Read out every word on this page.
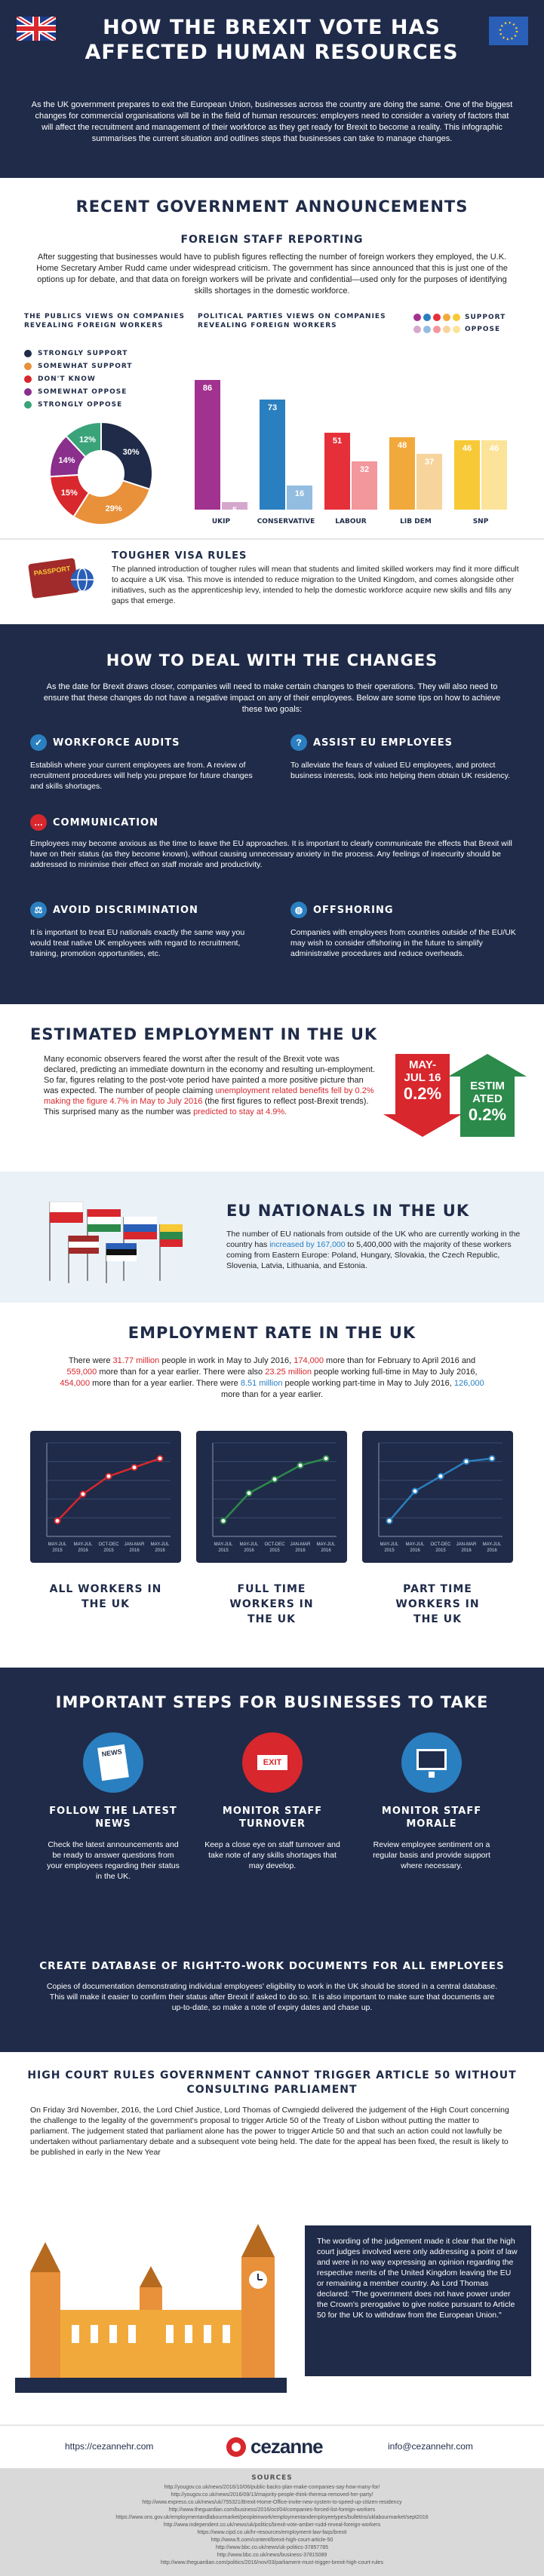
HOW THE BREXIT VOTE HAS
AFFECTED HUMAN RESOURCES

As the UK government prepares to exit the European Union, businesses across the country are doing the same. One of the biggest changes for commercial organisations will be in the field of human resources: employers need to consider a variety of factors that will affect the recruitment and management of their workforce as they get ready for Brexit to become a reality. This infographic summarises the current situation and outlines steps that businesses can take to manage changes.

RECENT GOVERNMENT ANNOUNCEMENTS
FOREIGN STAFF REPORTING

After suggesting that businesses would have to publish figures reflecting the number of foreign workers they employed, the U.K. Home Secretary Amber Rudd came under widespread criticism. The government has since announced that this is just one of the options up for debate, and that data on foreign workers will be private and confidential—used only for the purposes of identifying skills shortages in the domestic workforce.

THE PUBLICS VIEWS ON COMPANIES REVEALING FOREIGN WORKERS
STRONGLY SUPPORT
SOMEWHAT SUPPORT
DON'T KNOW
SOMEWHAT OPPOSE
STRONGLY OPPOSE
30%
29%
15%
14%
12%
POLITICAL PARTIES VIEWS ON COMPANIES REVEALING FOREIGN WORKERS
SUPPORT
OPPOSE
86
5
UKIP
73
16
CONSERVATIVE
51
32
LABOUR
48
37
LIB DEM
46 46
SNP
PASSPORT
TOUGHER VISA RULES

The planned introduction of tougher rules will mean that students and limited skilled workers may find it more difficult to acquire a UK visa. This move is intended to reduce migration to the United Kingdom, and comes alongside other initiatives, such as the apprenticeship levy, intended to help the domestic workforce acquire new skills and fills any gaps that emerge.

HOW TO DEAL WITH THE CHANGES

As the date for Brexit draws closer, companies will need to make certain changes to their operations. They will also need to ensure that these changes do not have a negative impact on any of their employees. Below are some tips on how to achieve these two goals:

✓	WORKFORCE AUDITS

Establish where your current employees are from. A review of recruitment procedures will help you prepare for future changes and skills shortages.

?	ASSIST EU EMPLOYEES

To alleviate the fears of valued EU employees, and protect business interests, look into helping them obtain UK residency.

…	COMMUNICATION

Employees may become anxious as the time to leave the EU approaches. It is important to clearly communicate the effects that Brexit will have on their status (as they become known), without causing unnecessary anxiety in the process. Any feelings of insecurity should be addressed to minimise their effect on staff morale and productivity.

⚖	AVOID DISCRIMINATION

It is important to treat EU nationals exactly the same way you would treat native UK employees with regard to recruitment, training, promotion opportunities, etc.

◍	OFFSHORING

Companies with employees from countries outside of the EU/UK may wish to consider offshoring in the future to simplify administrative procedures and reduce overheads.

ESTIMATED EMPLOYMENT IN THE UK

Many economic observers feared the worst after the result of the Brexit vote was declared, predicting an immediate downturn in the economy and resulting un-employment. So far, figures relating to the post-vote period have painted a more positive picture than was expected. The number of people claiming unemployment related benefits fell by 0.2% making the figure 4.7% in May to July 2016 (the first figures to reflect post-Brexit trends). This surprised many as the number was predicted to stay at 4.9%.

MAY-
JUL 16
0.2%	ESTIM
ATED
0.2%
EU NATIONALS IN THE UK

The number of EU nationals from outside of the UK who are currently working in the country has increased by 167,000 to 5,400,000 with the majority of these workers coming from Eastern Europe: Poland, Hungary, Slovakia, the Czech Republic, Slovenia, Latvia, Lithuania, and Estonia.

EMPLOYMENT RATE IN THE UK

There were 31.77 million people in work in May to July 2016, 174,000 more than for February to April 2016 and 559,000 more than for a year earlier. There were also 23.25 million people working full-time in May to July 2016, 454,000 more than for a year earlier. There were 8.51 million people working part-time in May to July 2016, 126,000 more than for a year earlier.

MAY-JUL
2015
MAY-JUL
2016
OCT-DEC
2015
JAN-MAR
2016
MAY-JUL
2016
MAY-JUL
2015
MAY-JUL
2016
OCT-DEC
2015
JAN-MAR
2016
MAY-JUL
2016
MAY-JUL
2015
MAY-JUL
2016
OCT-DEC
2015
JAN-MAR
2016
MAY-JUL
2016
ALL WORKERS IN THE UK
FULL TIME WORKERS IN THE UK
PART TIME WORKERS IN THE UK
IMPORTANT STEPS FOR BUSINESSES TO TAKE
NEWS
FOLLOW THE LATEST NEWS

Check the latest announcements and be ready to answer questions from your employees regarding their status in the UK.

EXIT
MONITOR STAFF TURNOVER

Keep a close eye on staff turnover and take note of any skills shortages that may develop.

MONITOR STAFF MORALE

Review employee sentiment on a regular basis and provide support where necessary.

CREATE DATABASE OF RIGHT-TO-WORK DOCUMENTS FOR ALL EMPLOYEES

Copies of documentation demonstrating individual employees' eligibility to work in the UK should be stored in a central database. This will make it easier to confirm their status after Brexit if asked to do so. It is also important to make sure that documents are up-to-date, so make a note of expiry dates and chase up.

HIGH COURT RULES GOVERNMENT CANNOT TRIGGER ARTICLE 50 WITHOUT CONSULTING PARLIAMENT

On Friday 3rd November, 2016, the Lord Chief Justice, Lord Thomas of Cwmgiedd delivered the judgement of the High Court concerning the challenge to the legality of the government's proposal to trigger Article 50 of the Treaty of Lisbon without putting the matter to parliament. The judgement stated that parliament alone has the power to trigger Article 50 and that such an action could not lawfully be undertaken without parliamentary debate and a subsequent vote being held. The date for the appeal has been fixed, the result is likely to be published in early in the New Year

The wording of the judgement made it clear that the high court judges involved were only addressing a point of law and were in no way expressing an opinion regarding the respective merits of the United Kingdom leaving the EU or remaining a member country. As Lord Thomas declared: "The government does not have power under the Crown's prerogative to give notice pursuant to Article 50 for the UK to withdraw from the European Union."

https://cezannehr.com	cezanne	info@cezannehr.com
SOURCES
http://yougov.co.uk/news/2016/10/06/public-backs-plan-make-companies-say-how-many-for/
http://yougov.co.uk/news/2016/09/13/majority-people-think-theresa-removed-her-party/
http://www.express.co.uk/news/uk/755321/Brexit-Home-Office-invite-new-system-to-speed-up-citizen-residency
http://www.theguardian.com/business/2016/oct/04/companies-forced-list-foreign-workers
https://www.ons.gov.uk/employmentandlabourmarket/peopleinwork/employmentandemployeetypes/bulletins/uklabourmarket/sept2016
http://www.independent.co.uk/news/uk/politics/brexit-vote-amber-rudd-reveal-foreign-workers
https://www.cipd.co.uk/hr-resources/employment-law-faqs/brexit
http://www.ft.com/content/brexit-high-court-article-50
http://www.bbc.co.uk/news/uk-politics-37857785
http://www.bbc.co.uk/news/business-37815089
http://www.theguardian.com/politics/2016/nov/03/parliament-must-trigger-brexit-high-court-rules
